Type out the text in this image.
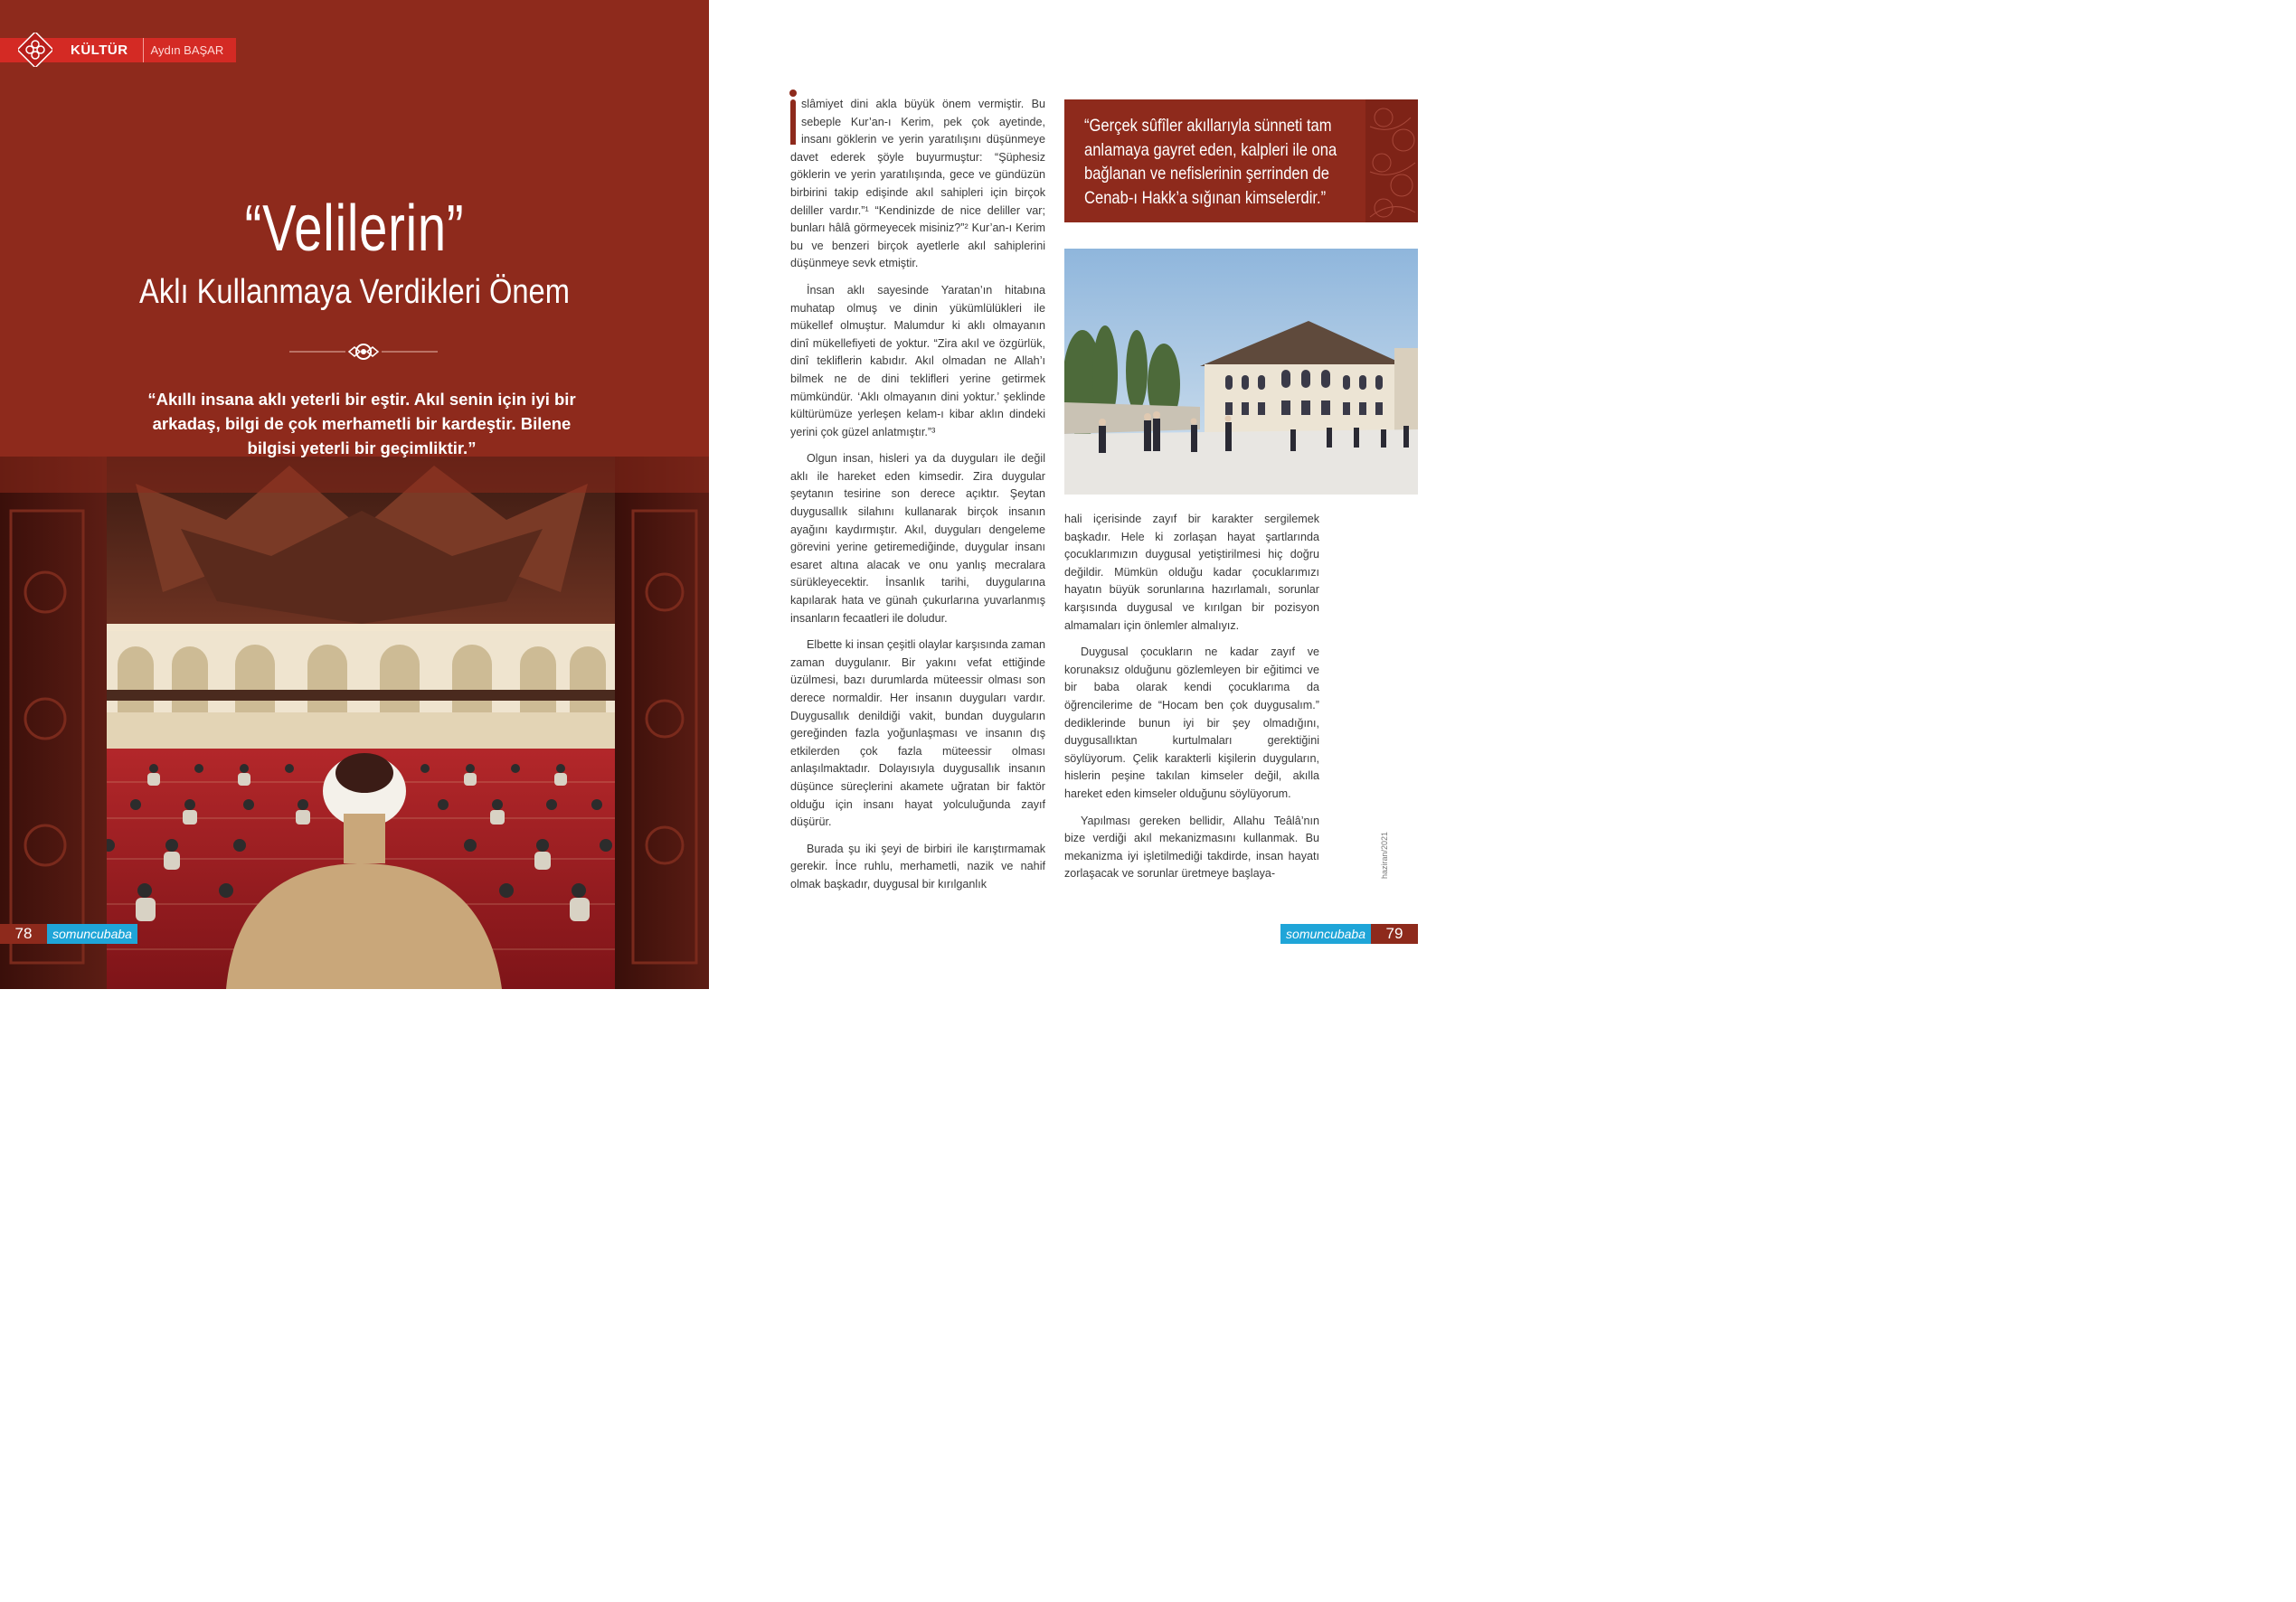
KÜLTÜR Aydın BAŞAR
“Velilerin”
Aklı Kullanmaya Verdikleri Önem
“Akıllı insana aklı yeterli bir eştir. Akıl senin için iyi bir arkadaş, bilgi de çok merhametli bir kardeştir. Bilene bilgisi yeterli bir geçimliktir.”
78	somuncubaba

slâmiyet dini akla büyük önem vermiştir. Bu sebeple Kur’an-ı Kerim, pek çok ayetinde, insanı göklerin ve yerin yaratılışını düşünmeye davet ederek şöyle buyurmuştur: “Şüphesiz göklerin ve yerin yaratılışında, gece ve gündüzün birbirini takip edişinde akıl sahipleri için birçok deliller vardır.”¹ “Kendinizde de nice deliller var; bunları hâlâ görmeyecek misiniz?”² Kur’an-ı Kerim bu ve benzeri birçok ayetlerle akıl sahiplerini düşünmeye sevk etmiştir.

İnsan aklı sayesinde Yaratan’ın hitabına muhatap olmuş ve dinin yükümlülükleri ile mükellef olmuştur. Malumdur ki aklı olmayanın dinî mükellefiyeti de yoktur. “Zira akıl ve özgürlük, dinî tekliflerin kabıdır. Akıl olmadan ne Allah’ı bilmek ne de dini teklifleri yerine getirmek mümkündür. ‘Aklı olmayanın dini yoktur.’ şeklinde kültürümüze yerleşen kelam-ı kibar aklın dindeki yerini çok güzel anlatmıştır.”³

Olgun insan, hisleri ya da duyguları ile değil aklı ile hareket eden kimsedir. Zira duygular şeytanın tesirine son derece açıktır. Şeytan duygusallık silahını kullanarak birçok insanın ayağını kaydırmıştır. Akıl, duyguları dengeleme görevini yerine getiremediğinde, duygular insanı esaret altına alacak ve onu yanlış mecralara sürükleyecektir. İnsanlık tarihi, duygularına kapılarak hata ve günah çukurlarına yuvarlanmış insanların fecaatleri ile doludur.

Elbette ki insan çeşitli olaylar karşısında zaman zaman duygulanır. Bir yakını vefat ettiğinde üzülmesi, bazı durumlarda müteessir olması son derece normaldir. Her insanın duyguları vardır. Duygusallık denildiği vakit, bundan duyguların gereğinden fazla yoğunlaşması ve insanın dış etkilerden çok fazla müteessir olması anlaşılmaktadır. Dolayısıyla duygusallık insanın düşünce süreçlerini akamete uğratan bir faktör olduğu için insanı hayat yolculuğunda zayıf düşürür.

Burada şu iki şeyi de birbiri ile karıştırmamak gerekir. İnce ruhlu, merhametli, nazik ve nahif olmak başkadır, duygusal bir kırılganlık

“Gerçek sûfîler akıllarıyla sünneti tam anlamaya gayret eden, kalpleri ile ona bağlanan ve nefislerinin şerrinden de Cenab-ı Hakk’a sığınan kimselerdir.”

hali içerisinde zayıf bir karakter sergilemek başkadır. Hele ki zorlaşan hayat şartlarında çocuklarımızın duygusal yetiştirilmesi hiç doğru değildir. Mümkün olduğu kadar çocuklarımızı hayatın büyük sorunlarına hazırlamalı, sorunlar karşısında duygusal ve kırılgan bir pozisyon almamaları için önlemler almalıyız.

Duygusal çocukların ne kadar zayıf ve korunaksız olduğunu gözlemleyen bir eğitimci ve bir baba olarak kendi çocuklarıma da öğrencilerime de “Hocam ben çok duygusalım.” dediklerinde bunun iyi bir şey olmadığını, duygusallıktan kurtulmaları gerektiğini söylüyorum. Çelik karakterli kişilerin duyguların, hislerin peşine takılan kimseler değil, akılla hareket eden kimseler olduğunu söylüyorum.

Yapılması gereken bellidir, Allahu Teâlâ’nın bize verdiği akıl mekanizmasını kullanmak. Bu mekanizma iyi işletilmediği takdirde, insan hayatı zorlaşacak ve sorunlar üretmeye başlaya-	haziran/2021
somuncubaba	79
